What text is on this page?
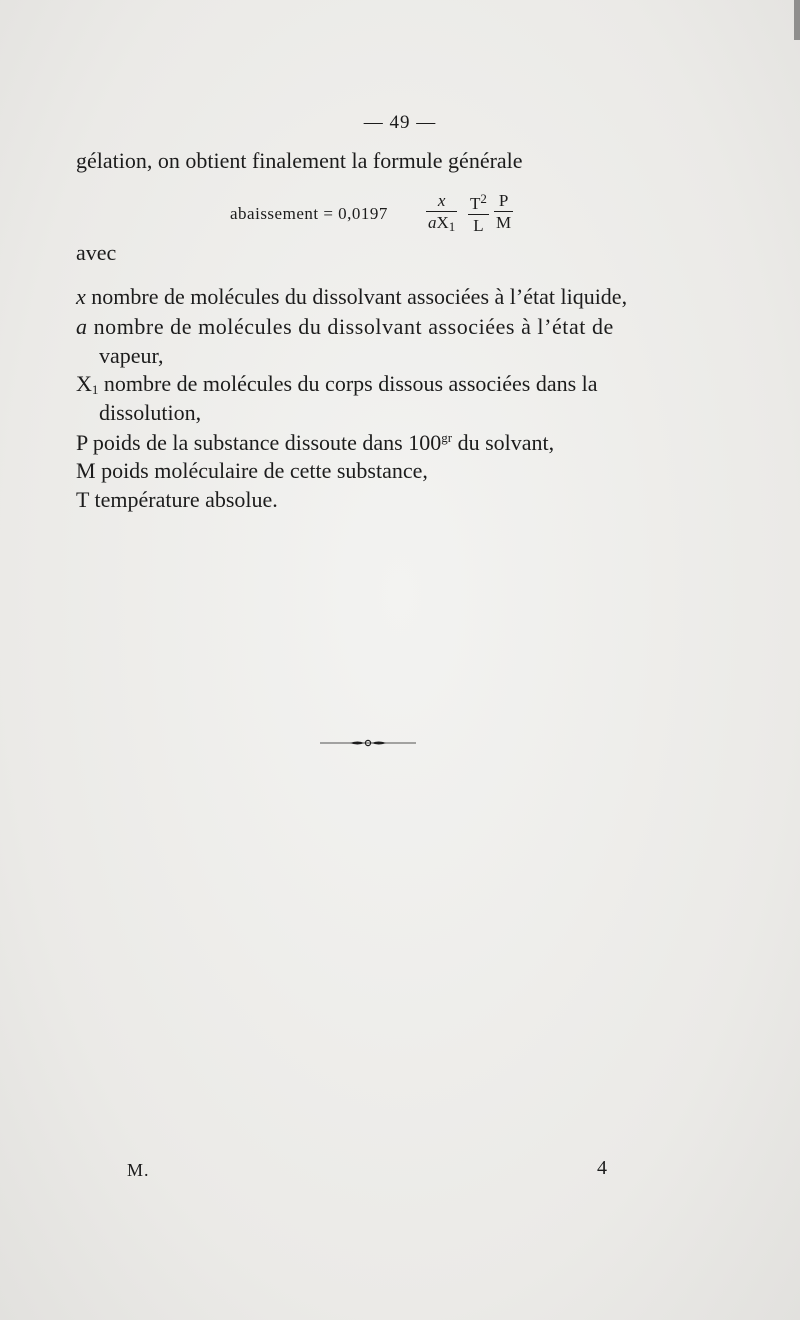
— 49 —
gélation, on obtient finalement la formule générale
abaissement = 0,0197
x
$aX_1$
$T^2$
L
P
M
avec
x nombre de molécules du dissolvant associées à l’état liquide,
a nombre de molécules du dissolvant associées à l’état de
vapeur,
$X_1$ nombre de molécules du corps dissous associées dans la
dissolution,
P poids de la substance dissoute dans $100^{gr}$ du solvant,
M poids moléculaire de cette substance,
T température absolue.
M.	4
